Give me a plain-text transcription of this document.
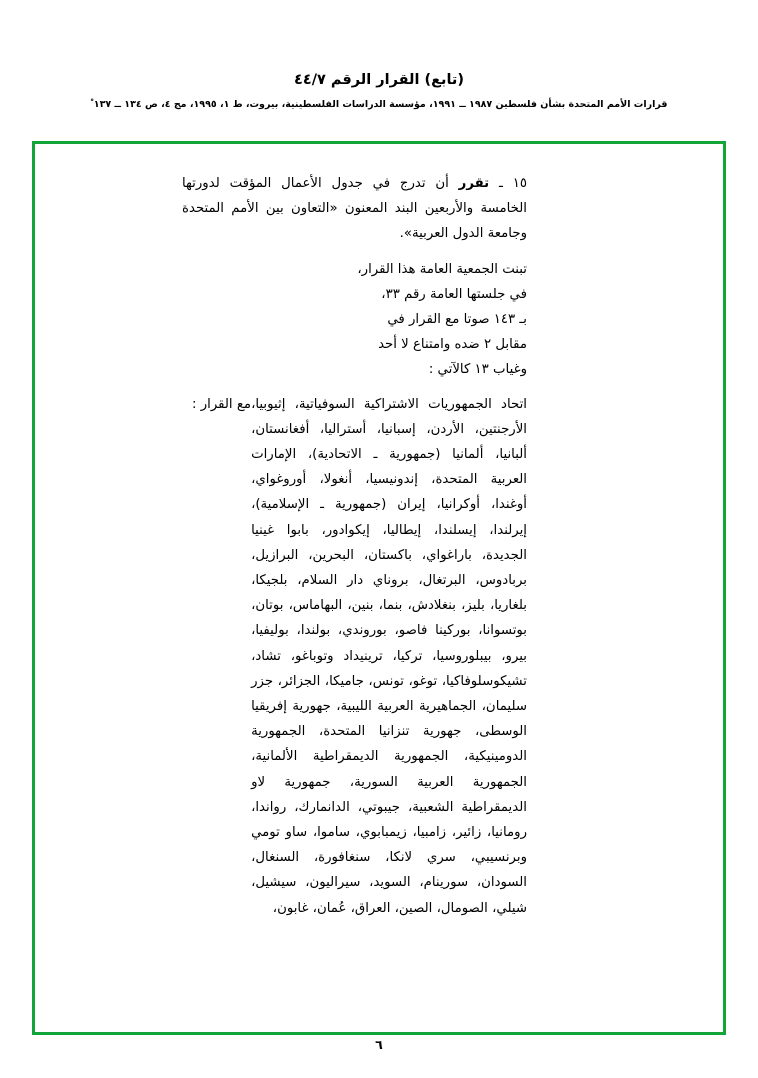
(تابع) القرار الرقم ٤٤/٧
قرارات الأمم المتحدة بشأن فلسطين ١٩٨٧ ــ ١٩٩١، مؤسسة الدراسات الفلسطينية، بيروت، ط ١، ١٩٩٥، مج ٤، ص ١٣٤ ــ ١٣٧ ْ

١٥ ـ تقرر أن تدرج في جدول الأعمال المؤقت لدورتها الخامسة والأربعين البند المعنون «التعاون بين الأمم المتحدة وجامعة الدول العربية».

تبنت الجمعية العامة هذا القرار،
في جلستها العامة رقم ٣٣،
بـ ١٤٣ صوتا مع القرار في
مقابل ٢ ضده وامتناع لا أحد
وغياب ١٣ كالآتي :
مع القرار : اتحاد الجمهوريات الاشتراكية السوفياتية، إثيوبيا، الأرجنتين، الأردن، إسبانيا، أستراليا، أفغانستان، ألبانيا، ألمانيا (جمهورية ـ الاتحادية)، الإمارات العربية المتحدة، إندونيسيا، أنغولا، أوروغواي، أوغندا، أوكرانيا، إيران (جمهورية ـ الإسلامية)، إيرلندا، إيسلندا، إيطاليا، إيكوادور، بابوا غينيا الجديدة، باراغواي، باكستان، البحرين، البرازيل، بربادوس، البرتغال، بروناي دار السلام، بلجيكا، بلغاريا، بليز، بنغلادش، بنما، بنين، البهاماس، بوتان، بوتسوانا، بوركينا فاصو، بوروندي، بولندا، بوليفيا، بيرو، بيبلوروسيا، تركيا، ترينيداد وتوباغو، تشاد، تشيكوسلوفاكيا، توغو، تونس، جاميكا، الجزائر، جزر سليمان، الجماهيرية العربية الليبية، جهورية إفريقيا الوسطى، جهورية تنزانيا المتحدة، الجمهورية الدومينيكية، الجمهورية الديمقراطية الألمانية، الجمهورية العربية السورية، جمهورية لاو الديمقراطية الشعبية، جيبوتي، الدانمارك، رواندا، رومانيا، زائير، زامبيا، زيمبابوي، ساموا، ساو تومي وبرنسيبي، سري لانكا، سنغافورة، السنغال، السودان، سورينام، السويد، سيراليون، سيشيل، شيلي، الصومال، الصين، العراق، عُمان، غابون،
٦
